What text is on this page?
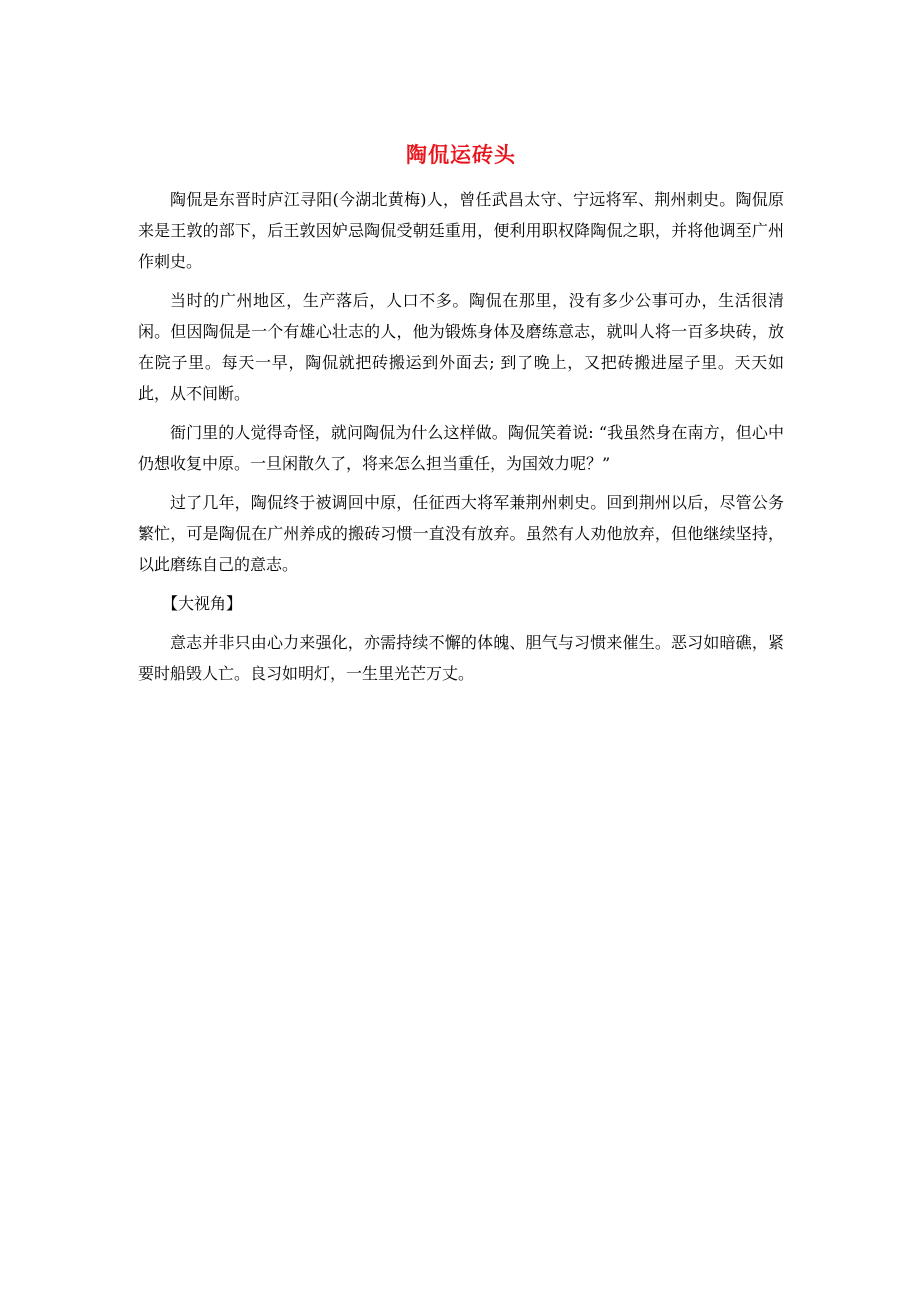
陶侃运砖头

陶侃是东晋时庐江寻阳(今湖北黄梅)人，曾任武昌太守、宁远将军、荆州刺史。陶侃原来是王敦的部下，后王敦因妒忌陶侃受朝廷重用，便利用职权降陶侃之职，并将他调至广州作刺史。

当时的广州地区，生产落后，人口不多。陶侃在那里，没有多少公事可办，生活很清闲。但因陶侃是一个有雄心壮志的人，他为锻炼身体及磨练意志，就叫人将一百多块砖，放在院子里。每天一早，陶侃就把砖搬运到外面去; 到了晚上，又把砖搬进屋子里。天天如此，从不间断。

衙门里的人觉得奇怪，就问陶侃为什么这样做。陶侃笑着说: “我虽然身在南方，但心中仍想收复中原。一旦闲散久了，将来怎么担当重任，为国效力呢？”

过了几年，陶侃终于被调回中原，任征西大将军兼荆州刺史。回到荆州以后，尽管公务繁忙，可是陶侃在广州养成的搬砖习惯一直没有放弃。虽然有人劝他放弃，但他继续坚持，以此磨练自己的意志。

【大视角】

意志并非只由心力来强化，亦需持续不懈的体魄、胆气与习惯来催生。恶习如暗礁，紧要时船毁人亡。良习如明灯，一生里光芒万丈。
